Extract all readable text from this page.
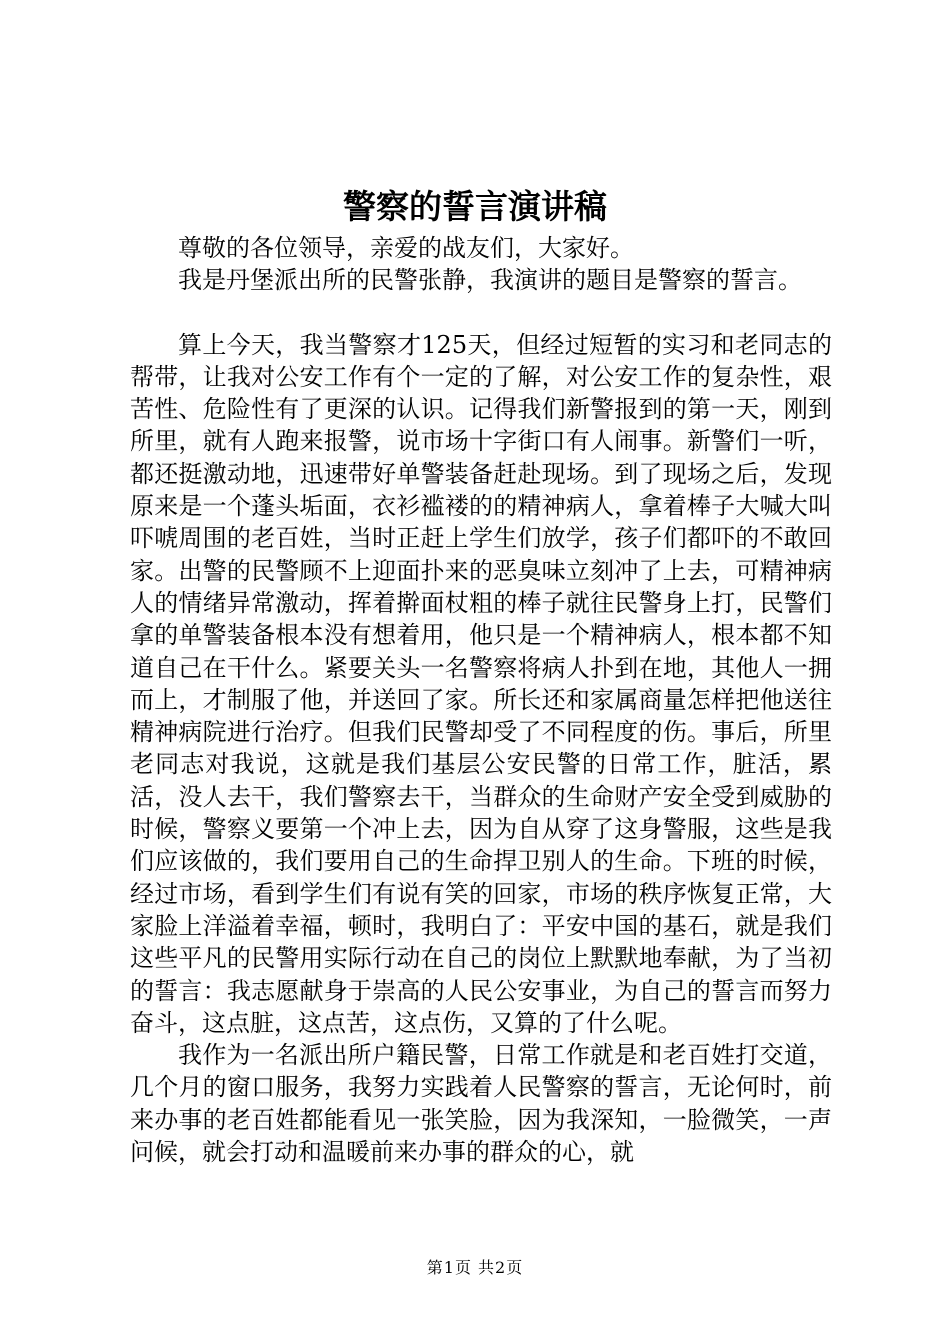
警察的誓言演讲稿

尊敬的各位领导，亲爱的战友们，大家好。

我是丹堡派出所的民警张静，我演讲的题目是警察的誓言。

算上今天，我当警察才125天，但经过短暂的实习和老同志的帮带，让我对公安工作有个一定的了解，对公安工作的复杂性，艰苦性、危险性有了更深的认识。记得我们新警报到的第一天，刚到所里，就有人跑来报警，说市场十字街口有人闹事。新警们一听，都还挺激动地，迅速带好单警装备赶赴现场。到了现场之后，发现原来是一个蓬头垢面，衣衫褴褛的的精神病人，拿着棒子大喊大叫吓唬周围的老百姓，当时正赶上学生们放学，孩子们都吓的不敢回家。出警的民警顾不上迎面扑来的恶臭味立刻冲了上去，可精神病人的情绪异常激动，挥着擀面杖粗的棒子就往民警身上打，民警们拿的单警装备根本没有想着用，他只是一个精神病人，根本都不知道自己在干什么。紧要关头一名警察将病人扑到在地，其他人一拥而上，才制服了他，并送回了家。所长还和家属商量怎样把他送往精神病院进行治疗。但我们民警却受了不同程度的伤。事后，所里老同志对我说，这就是我们基层公安民警的日常工作，脏活，累活，没人去干，我们警察去干，当群众的生命财产安全受到威胁的时候，警察义要第一个冲上去，因为自从穿了这身警服，这些是我们应该做的，我们要用自己的生命捍卫别人的生命。下班的时候，经过市场，看到学生们有说有笑的回家，市场的秩序恢复正常，大家脸上洋溢着幸福，顿时，我明白了：平安中国的基石，就是我们这些平凡的民警用实际行动在自己的岗位上默默地奉献，为了当初的誓言：我志愿献身于崇高的人民公安事业，为自己的誓言而努力奋斗，这点脏，这点苦，这点伤，又算的了什么呢。

我作为一名派出所户籍民警，日常工作就是和老百姓打交道，几个月的窗口服务，我努力实践着人民警察的誓言，无论何时，前来办事的老百姓都能看见一张笑脸，因为我深知，一脸微笑，一声问候，就会打动和温暖前来办事的群众的心，就

第1页 共2页
